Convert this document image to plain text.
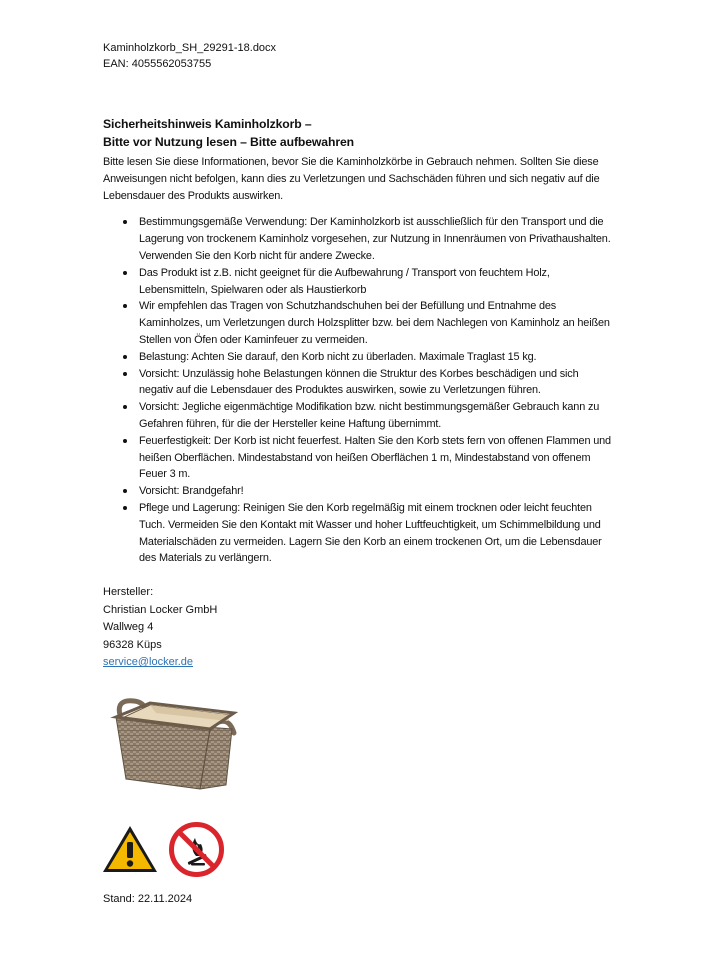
Kaminholzkorb_SH_29291-18.docx
EAN: 4055562053755
Sicherheitshinweis Kaminholzkorb –
Bitte vor Nutzung lesen – Bitte aufbewahren
Bitte lesen Sie diese Informationen, bevor Sie die Kaminholzkörbe in Gebrauch nehmen. Sollten Sie diese Anweisungen nicht befolgen, kann dies zu Verletzungen und Sachschäden führen und sich negativ auf die Lebensdauer des Produkts auswirken.
Bestimmungsgemäße Verwendung: Der Kaminholzkorb ist ausschließlich für den Transport und die Lagerung von trockenem Kaminholz vorgesehen, zur Nutzung in Innenräumen von Privathaushalten. Verwenden Sie den Korb nicht für andere Zwecke.
Das Produkt ist z.B. nicht geeignet für die Aufbewahrung / Transport von feuchtem Holz, Lebensmitteln, Spielwaren oder als Haustierkorb
Wir empfehlen das Tragen von Schutzhandschuhen bei der Befüllung und Entnahme des Kaminholzes, um Verletzungen durch Holzsplitter bzw. bei dem Nachlegen von Kaminholz an heißen Stellen von Öfen oder Kaminfeuer zu vermeiden.
Belastung: Achten Sie darauf, den Korb nicht zu überladen. Maximale Traglast 15 kg.
Vorsicht: Unzulässig hohe Belastungen können die Struktur des Korbes beschädigen und sich negativ auf die Lebensdauer des Produktes auswirken, sowie zu Verletzungen führen.
Vorsicht: Jegliche eigenmächtige Modifikation bzw. nicht bestimmungsgemäßer Gebrauch kann zu Gefahren führen, für die der Hersteller keine Haftung übernimmt.
Feuerfestigkeit: Der Korb ist nicht feuerfest. Halten Sie den Korb stets fern von offenen Flammen und heißen Oberflächen. Mindestabstand von heißen Oberflächen 1 m, Mindestabstand von offenem Feuer 3 m.
Vorsicht: Brandgefahr!
Pflege und Lagerung: Reinigen Sie den Korb regelmäßig mit einem trocknen oder leicht feuchten Tuch. Vermeiden Sie den Kontakt mit Wasser und hoher Luftfeuchtigkeit, um Schimmelbildung und Materialschäden zu vermeiden. Lagern Sie den Korb an einem trockenen Ort, um die Lebensdauer des Materials zu verlängern.
Hersteller:
Christian Locker GmbH
Wallweg 4
96328 Küps
service@locker.de
Stand: 22.11.2024
